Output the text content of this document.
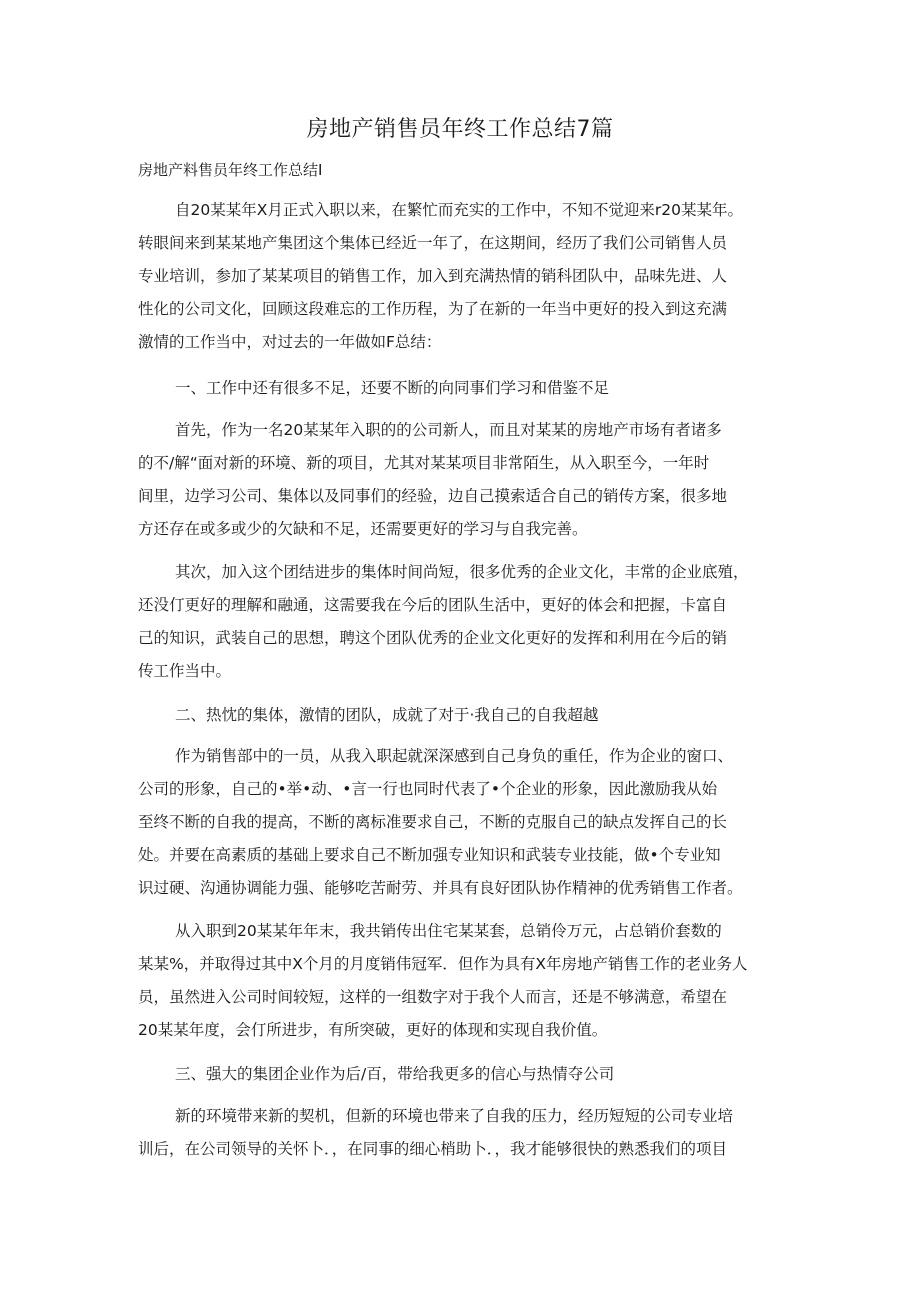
房地产销售员年终工作总结7篇
房地产料售员年终工作总结I
自20某某年X月正式入职以来，在繁忙而充实的工作中，不知不觉迎来r20某某年。
转眼间来到某某地产集团这个集体已经近一年了，在这期间，经历了我们公司销售人员
专业培训，参加了某某项目的销售工作，加入到充满热情的销科团队中，品味先进、人
性化的公司文化，回顾这段难忘的工作历程，为了在新的一年当中更好的投入到这充满
激情的工作当中，对过去的一年做如F总结：
一、工作中还有很多不足，还要不断的向同事们学习和借鉴不足
首先，作为一名20某某年入职的的公司新人，而且对某某的房地产市场有者诸多
的不/解“面对新的环境、新的项目，尤其对某某项目非常陌生，从入职至今，一年时
间里，边学习公司、集体以及同事们的经验，边自己摸索适合自己的销传方案，很多地
方还存在或多或少的欠缺和不足，还需要更好的学习与自我完善。
其次，加入这个团结进步的集体时间尚短，很多优秀的企业文化，丰常的企业底殖，
还没仃更好的理解和融通，这需要我在今后的团队生活中，更好的体会和把握，卡富自
己的知识，武装自己的思想，聘这个团队优秀的企业文化更好的发挥和利用在今后的销
传工作当中。
二、热忱的集体，激情的团队，成就了对于·我自己的自我超越
作为销售部中的一员，从我入职起就深深感到自己身负的重任，作为企业的窗口、
公司的形象，自己的•举•动、•言一行也同时代表了•个企业的形象，因此激励我从始
至终不断的自我的提高，不断的离标准要求自己，不断的克服自己的缺点发挥自己的长
处。并要在高素质的基础上要求自己不断加强专业知识和武装专业技能，做•个专业知
识过硬、沟通协调能力强、能够吃苦耐劳、并具有良好团队协作精神的优秀销售工作者。
从入职到20某某年年末，我共销传出住宅某某套，总销伶万元，占总销价套数的
某某%，并取得过其中X个月的月度销伟冠军．但作为具有X年房地产销售工作的老业务人
员，虽然进入公司时间较短，这样的一组数字对于我个人而言，还是不够满意，希望在
20某某年度，会仃所进步，有所突破，更好的体现和实现自我价值。
三、强大的集团企业作为后/百，带给我更多的信心与热情夺公司
新的环境带来新的契机，但新的环境也带来了自我的压力，经历短短的公司专业培
训后，在公司领导的关怀卜．，在同事的细心梢助卜．，我才能够很快的熟悉我们的项目
